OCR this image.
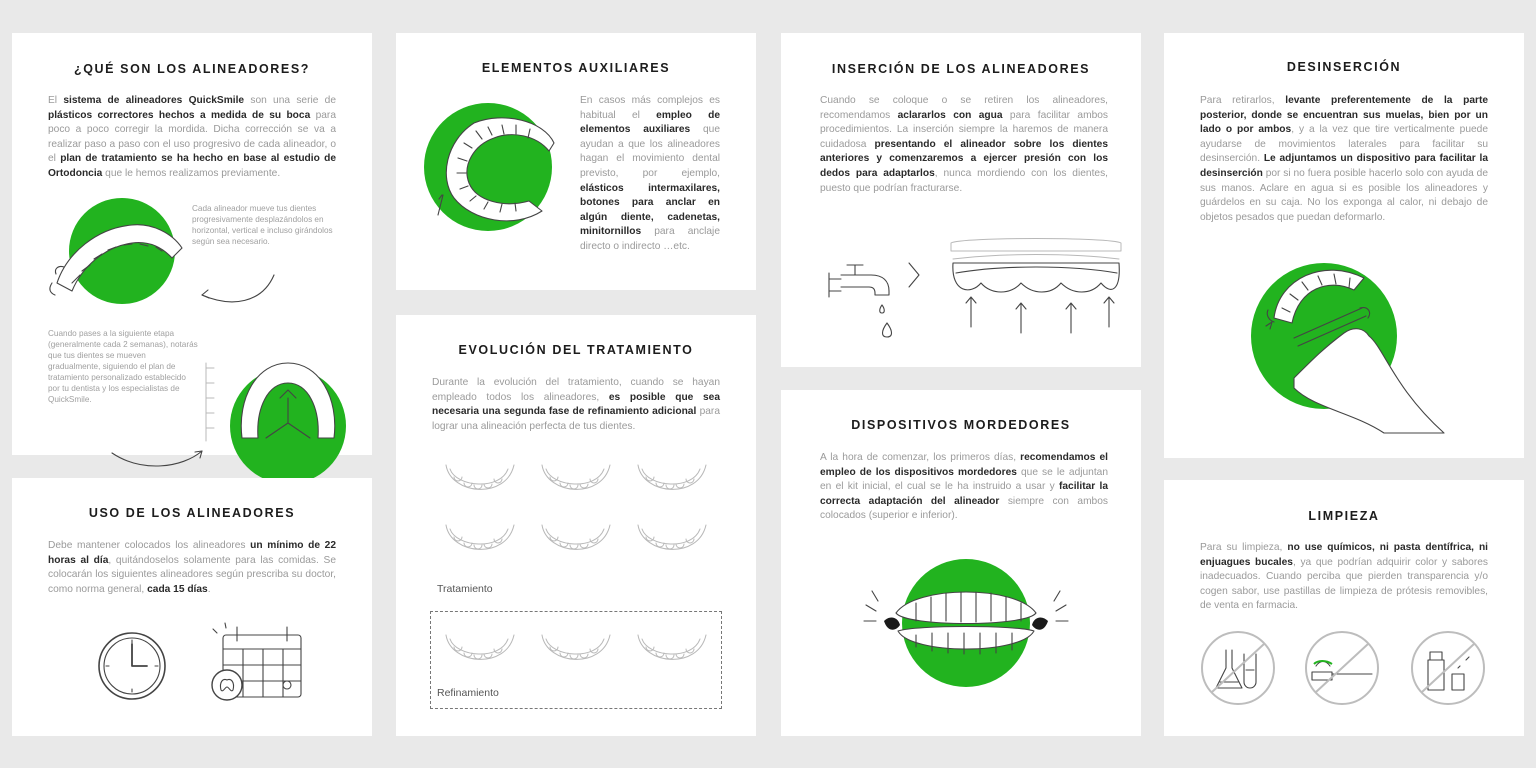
¿QUÉ SON LOS ALINEADORES?

El sistema de alineadores QuickSmile son una serie de plásticos correctores hechos a medida de su boca para poco a poco corregir la mordida. Dicha corrección se va a realizar paso a paso con el uso progresivo de cada alineador, o el plan de tratamiento se ha hecho en base al estudio de Ortodoncia que le hemos realizamos previamente.

Cada alineador mueve tus dientes progresivamente desplazándolos en horizontal, vertical e incluso girándolos según sea necesario.

Cuando pases a la siguiente etapa (generalmente cada 2 semanas), notarás que tus dientes se mueven gradualmente, siguiendo el plan de tratamiento personalizado establecido por tu dentista y los especialistas de QuickSmile.

USO DE LOS ALINEADORES

Debe mantener colocados los alineadores un mínimo de 22 horas al día, quitándoselos solamente para las comidas. Se colocarán los siguientes alineadores según prescriba su doctor, como norma general, cada 15 días.

ELEMENTOS AUXILIARES

En casos más complejos es habitual el empleo de elementos auxiliares que ayudan a que los alineadores hagan el movimiento dental previsto, por ejemplo, elásticos intermaxilares, botones para anclar en algún diente, cadenetas, minitornillos para anclaje directo o indirecto …etc.

EVOLUCIÓN DEL TRATAMIENTO

Durante la evolución del tratamiento, cuando se hayan empleado todos los alineadores, es posible que sea necesaria una segunda fase de refinamiento adicional para lograr una alineación perfecta de tus dientes.

Tratamiento
Refinamiento
INSERCIÓN DE LOS ALINEADORES

Cuando se coloque o se retiren los alineadores, recomendamos aclararlos con agua para facilitar ambos procedimientos. La inserción siempre la haremos de manera cuidadosa presentando el alineador sobre los dientes anteriores y comenzaremos a ejercer presión con los dedos para adaptarlos, nunca mordiendo con los dientes, puesto que podrían fracturarse.

DISPOSITIVOS MORDEDORES

A la hora de comenzar, los primeros días, recomendamos el empleo de los dispositivos mordedores que se le adjuntan en el kit inicial, el cual se le ha instruido a usar y facilitar la correcta adaptación del alineador siempre con ambos colocados (superior e inferior).

DESINSERCIÓN

Para retirarlos, levante preferentemente de la parte posterior, donde se encuentran sus muelas, bien por un lado o por ambos, y a la vez que tire verticalmente puede ayudarse de movimientos laterales para facilitar su desinserción. Le adjuntamos un dispositivo para facilitar la desinserción por si no fuera posible hacerlo solo con ayuda de sus manos. Aclare en agua si es posible los alineadores y guárdelos en su caja. No los exponga al calor, ni debajo de objetos pesados que puedan deformarlo.

LIMPIEZA

Para su limpieza, no use químicos, ni pasta dentífrica, ni enjuagues bucales, ya que podrían adquirir color y sabores inadecuados. Cuando perciba que pierden transparencia y/o cogen sabor, use pastillas de limpieza de prótesis removibles, de venta en farmacia.
